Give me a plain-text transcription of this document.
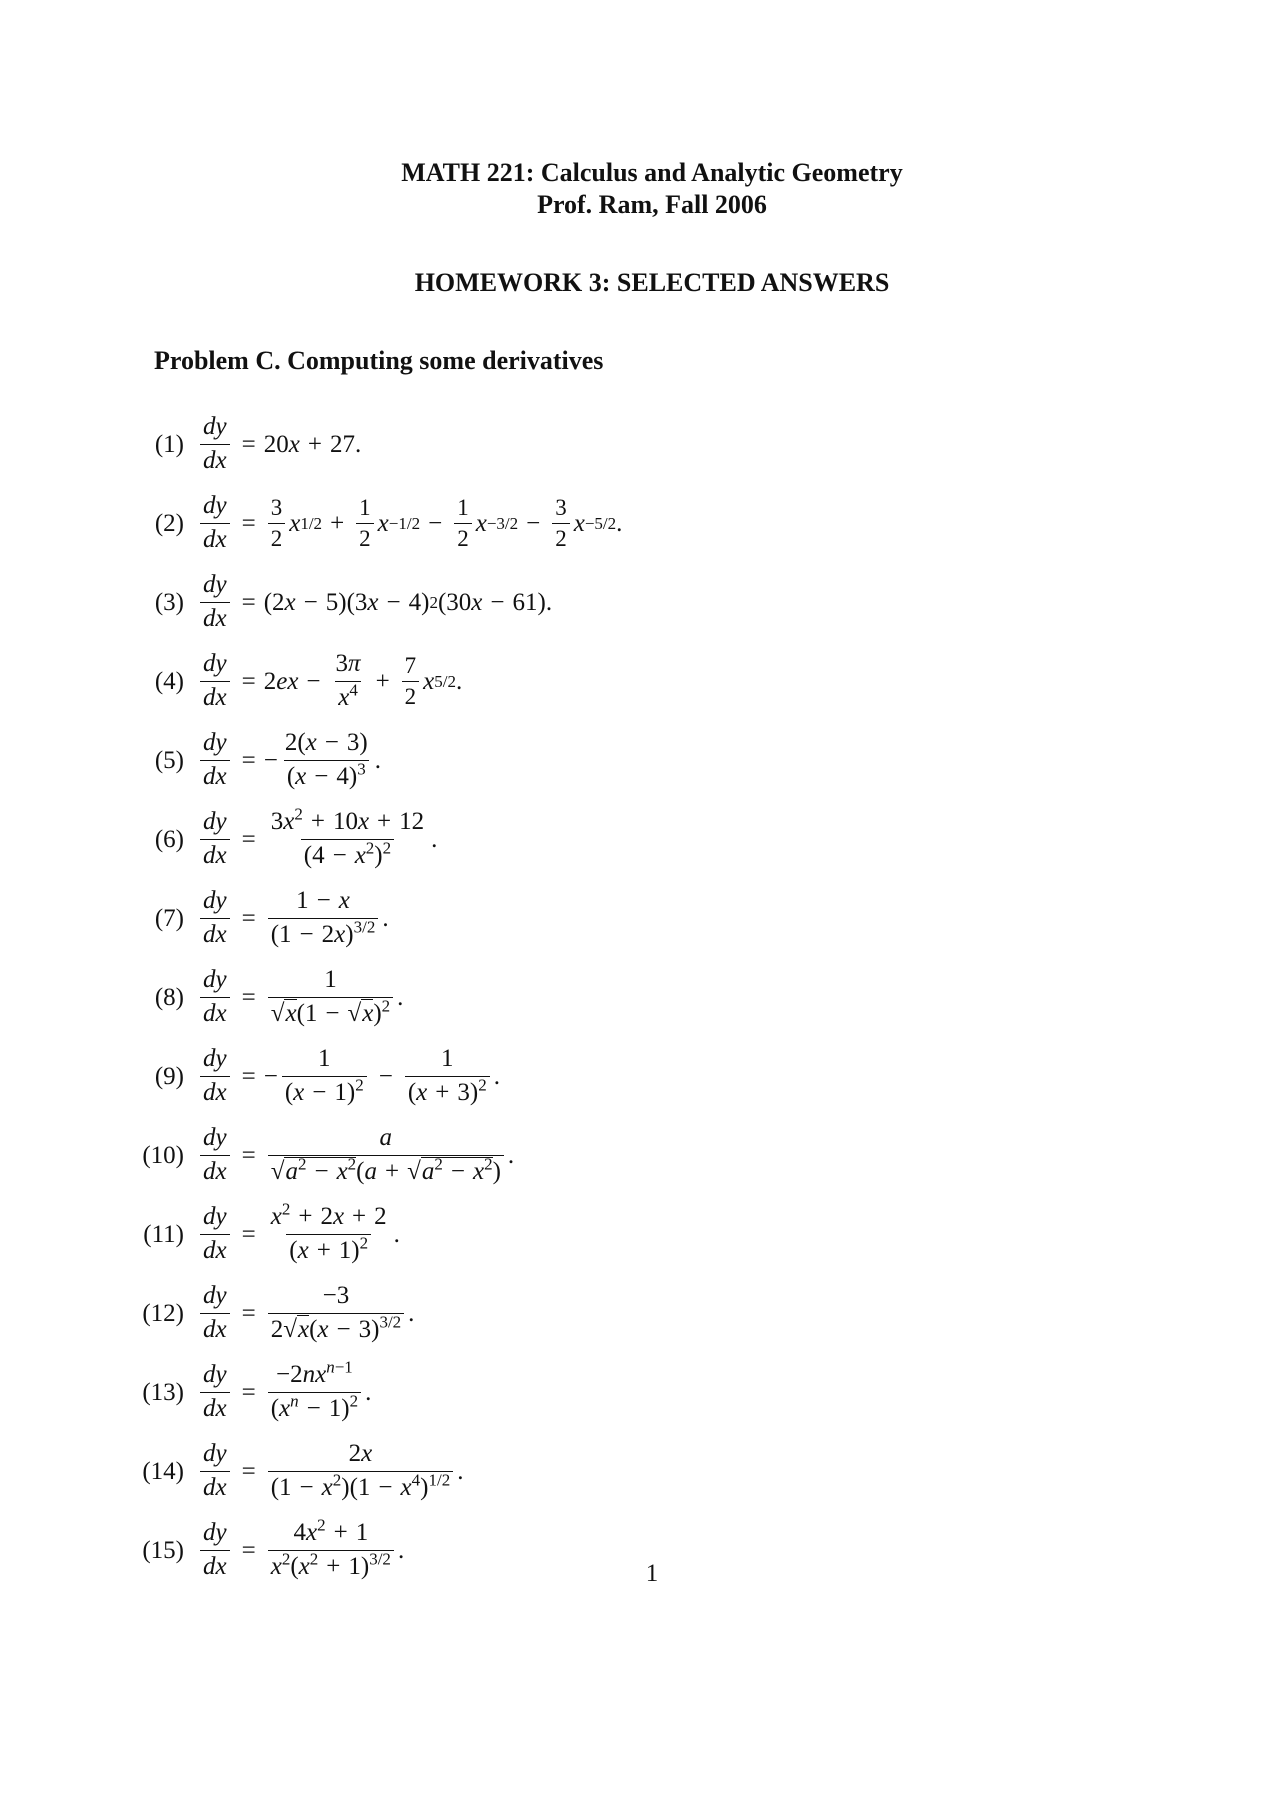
MATH 221: Calculus and Analytic Geometry
Prof. Ram, Fall 2006
HOMEWORK 3: SELECTED ANSWERS
Problem C. Computing some derivatives
$(1) \frac{dy}{dx} = 20$ x + 27.
$(2) \frac{dy}{dx} = \frac{3}{2}$ x $1/2 + \frac{1}{2}$ $x -1/2 - \frac{1}{2}$ $x -3/2 - \frac{3}{2}$ x −5/2 .
$(3) \frac{dy}{dx} = (2$ x − 5)(3 x − 4) 2 (30 x − 61).
$(4) \frac{dy}{dx} = 2$ ex − $\frac{3\pi}{x^4} + \frac{7}{2}$ x 5/2 .
$(5) \frac{dy}{dx}$ = − $\frac{2(x - 3)}{(x - 4)^3}$ .
$(6) \frac{dy}{dx} = \frac{3x^2 + 10x + 12}{(4 - x^2)^2}$ .
$(7) \frac{dy}{dx} = \frac{1 - x}{(1 - 2x)^{3/2}}$ .
$(8) \frac{dy}{dx} = \frac{1}{√x(1 - √x)^2}$ .
$(9) \frac{dy}{dx}$ = − $\frac{1}{(x - 1)^2} - \frac{1}{(x + 3)^2}$ .
$(10) \frac{dy}{dx} = \frac{a}{√a^2 - x^2(a + √a^2 - x^2)}$ .
$(11) \frac{dy}{dx} = \frac{x^2 + 2x + 2}{(x + 1)^2}$ .
$(12) \frac{dy}{dx} = \frac{-3}{2√x(x - 3)^{3/2}}$ .
$(13) \frac{dy}{dx} = \frac{-2nx^{n-1}}{(x^n - 1)^2}$ .
$(14) \frac{dy}{dx} = \frac{2x}{(1 - x^2)(1 - x^4)^{1/2}}$ .
$(15) \frac{dy}{dx} = \frac{4x^2 + 1}{x^2(x^2 + 1)^{3/2}}$ .
1
